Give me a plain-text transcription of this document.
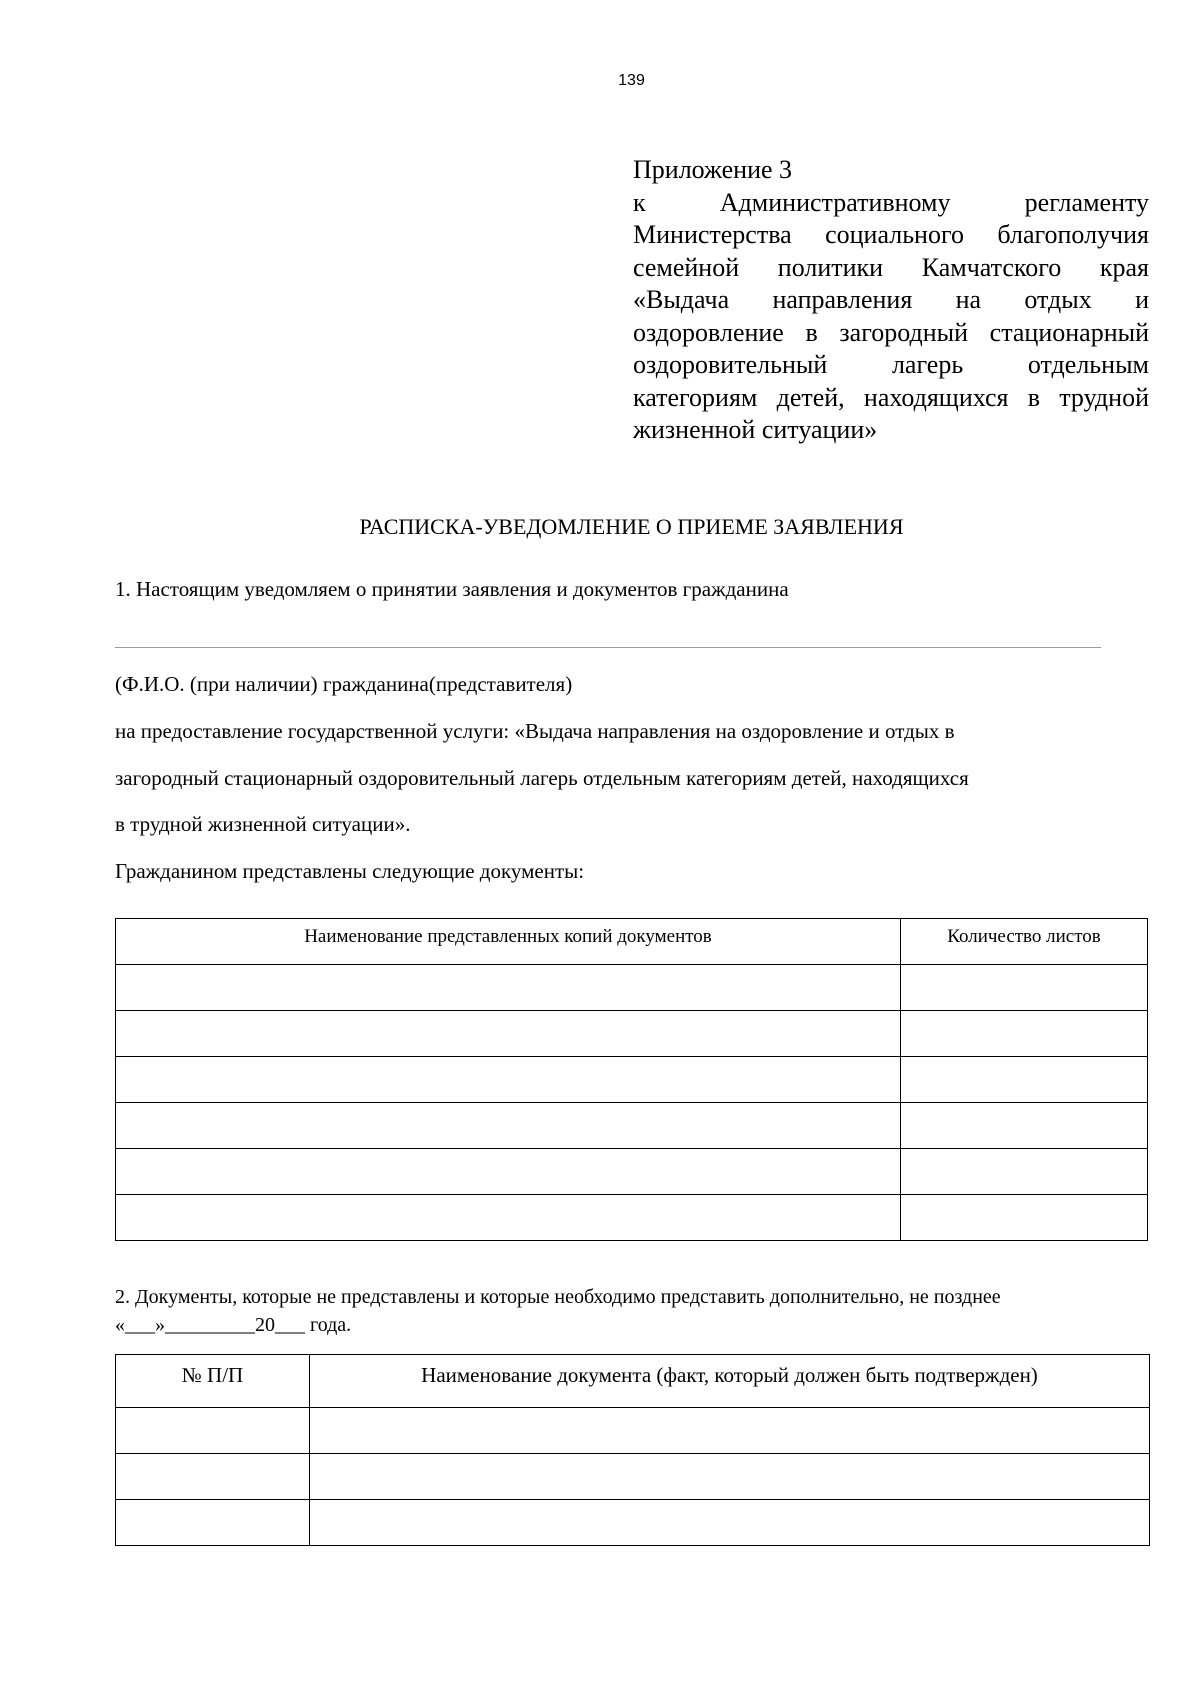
139
Приложение 3
к Административному регламенту Министерства социального благополучия семейной политики Камчатского края «Выдача направления на отдых и оздоровление в загородный стационарный оздоровительный лагерь отдельным категориям детей, находящихся в трудной жизненной ситуации»
РАСПИСКА-УВЕДОМЛЕНИЕ О ПРИЕМЕ ЗАЯВЛЕНИЯ
1. Настоящим уведомляем о принятии заявления и документов гражданина
(Ф.И.О. (при наличии) гражданина(представителя)
на предоставление государственной услуги: «Выдача направления на оздоровление и отдых в
загородный стационарный оздоровительный лагерь отдельным категориям детей, находящихся
в трудной жизненной ситуации».
Гражданином представлены следующие документы:
Наименование представленных копий документов	Количество листов

2. Документы, которые не представлены и которые необходимо представить дополнительно, не позднее
«___»_________20___ года.
№ П/П	Наименование документа (факт, который должен быть подтвержден)
